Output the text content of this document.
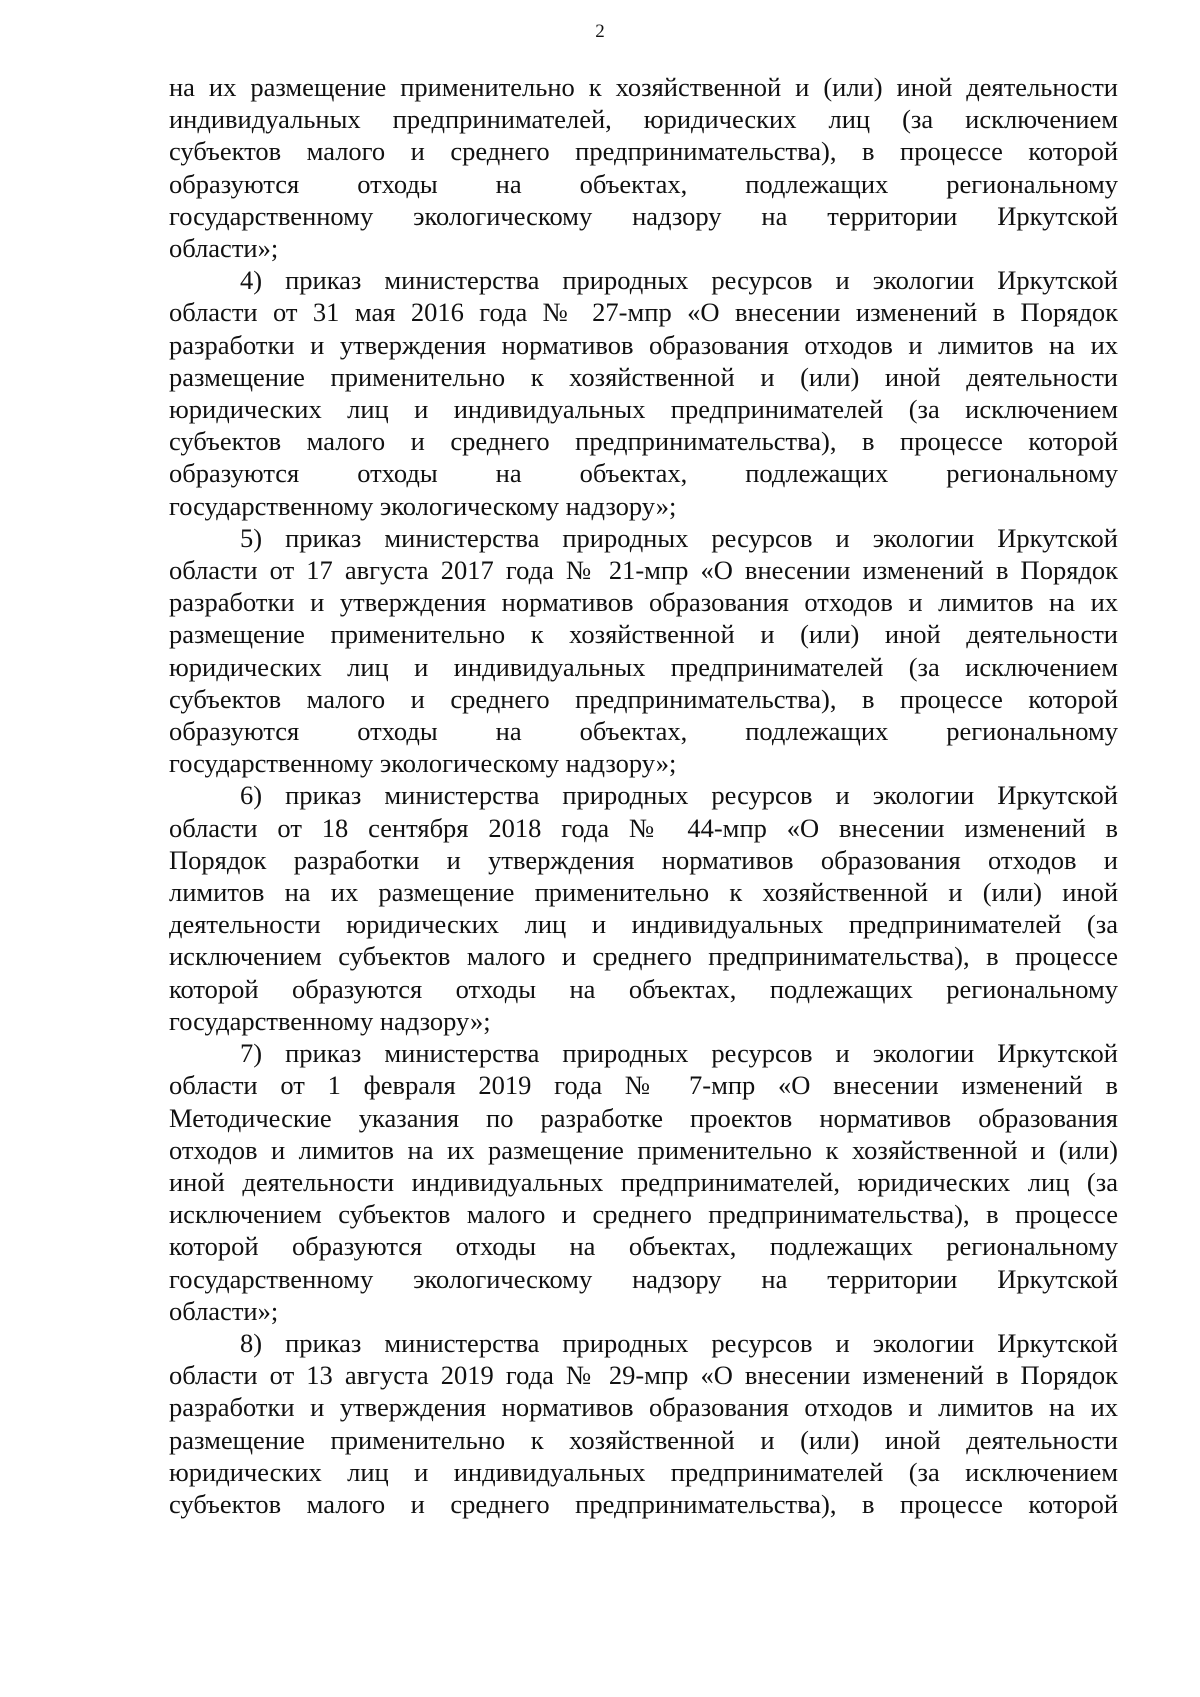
2
на их размещение применительно к хозяйственной и (или) иной деятельности
индивидуальных предпринимателей, юридических лиц (за исключением
субъектов малого и среднего предпринимательства), в процессе которой
образуются отходы на объектах, подлежащих региональному
государственному экологическому надзору на территории Иркутской
области»;
4) приказ министерства природных ресурсов и экологии Иркутской
области от 31 мая 2016 года № 27-мпр «О внесении изменений в Порядок
разработки и утверждения нормативов образования отходов и лимитов на их
размещение применительно к хозяйственной и (или) иной деятельности
юридических лиц и индивидуальных предпринимателей (за исключением
субъектов малого и среднего предпринимательства), в процессе которой
образуются отходы на объектах, подлежащих региональному
государственному экологическому надзору»;
5) приказ министерства природных ресурсов и экологии Иркутской
области от 17 августа 2017 года № 21-мпр «О внесении изменений в Порядок
разработки и утверждения нормативов образования отходов и лимитов на их
размещение применительно к хозяйственной и (или) иной деятельности
юридических лиц и индивидуальных предпринимателей (за исключением
субъектов малого и среднего предпринимательства), в процессе которой
образуются отходы на объектах, подлежащих региональному
государственному экологическому надзору»;
6) приказ министерства природных ресурсов и экологии Иркутской
области от 18 сентября 2018 года № 44-мпр «О внесении изменений в
Порядок разработки и утверждения нормативов образования отходов и
лимитов на их размещение применительно к хозяйственной и (или) иной
деятельности юридических лиц и индивидуальных предпринимателей (за
исключением субъектов малого и среднего предпринимательства), в процессе
которой образуются отходы на объектах, подлежащих региональному
государственному надзору»;
7) приказ министерства природных ресурсов и экологии Иркутской
области от 1 февраля 2019 года № 7-мпр «О внесении изменений в
Методические указания по разработке проектов нормативов образования
отходов и лимитов на их размещение применительно к хозяйственной и (или)
иной деятельности индивидуальных предпринимателей, юридических лиц (за
исключением субъектов малого и среднего предпринимательства), в процессе
которой образуются отходы на объектах, подлежащих региональному
государственному экологическому надзору на территории Иркутской
области»;
8) приказ министерства природных ресурсов и экологии Иркутской
области от 13 августа 2019 года № 29-мпр «О внесении изменений в Порядок
разработки и утверждения нормативов образования отходов и лимитов на их
размещение применительно к хозяйственной и (или) иной деятельности
юридических лиц и индивидуальных предпринимателей (за исключением
субъектов малого и среднего предпринимательства), в процессе которой
